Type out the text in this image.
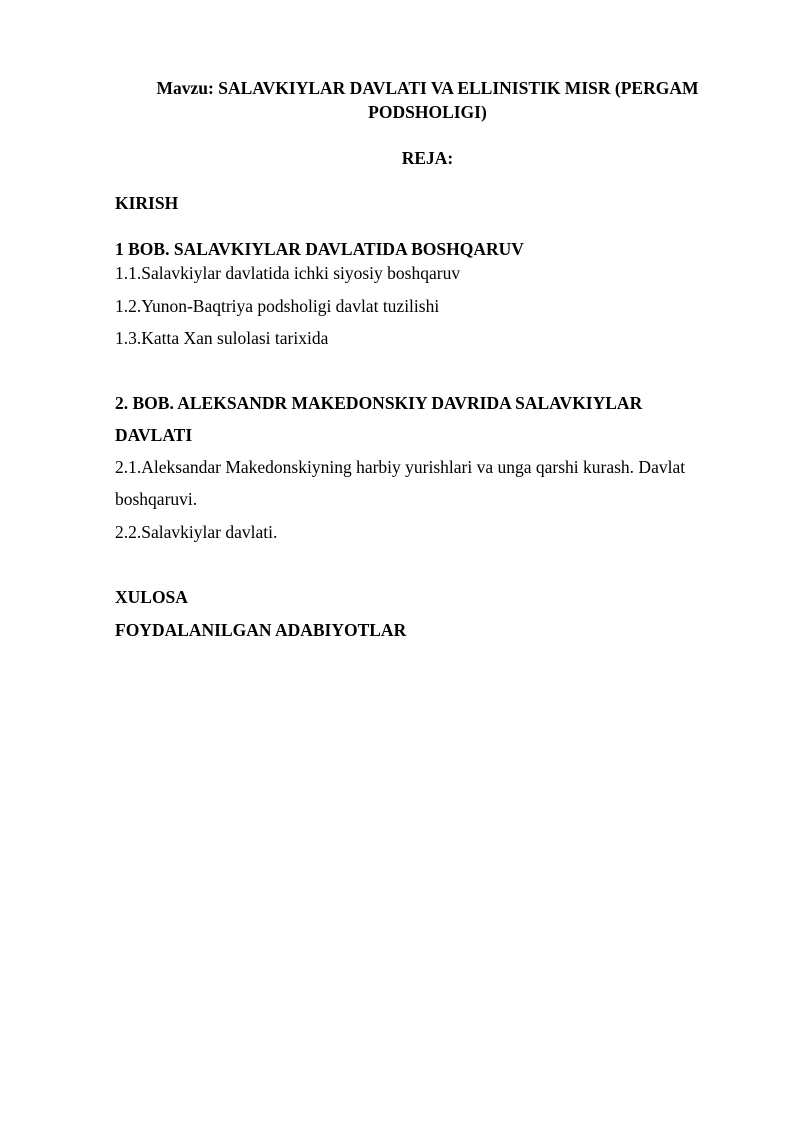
Mavzu: SALAVKIYLAR DAVLATI VA ELLINISTIK MISR (PERGAM
PODSHOLIGI)
REJA:
KIRISH
1 BOB. SALAVKIYLAR DAVLATIDA BOSHQARUV
1.1.Salavkiylar davlatida ichki siyosiy boshqaruv
1.2.Yunon-Baqtriya podsholigi davlat tuzilishi
1.3.Katta Xan sulolasi tarixida
2. BOB. ALEKSANDR MAKEDONSKIY DAVRIDA SALAVKIYLAR
DAVLATI
2.1.Aleksandar Makedonskiyning harbiy yurishlari va unga qarshi kurash. Davlat
boshqaruvi.
2.2.Salavkiylar davlati.
XULOSA
FOYDALANILGAN ADABIYOTLAR
